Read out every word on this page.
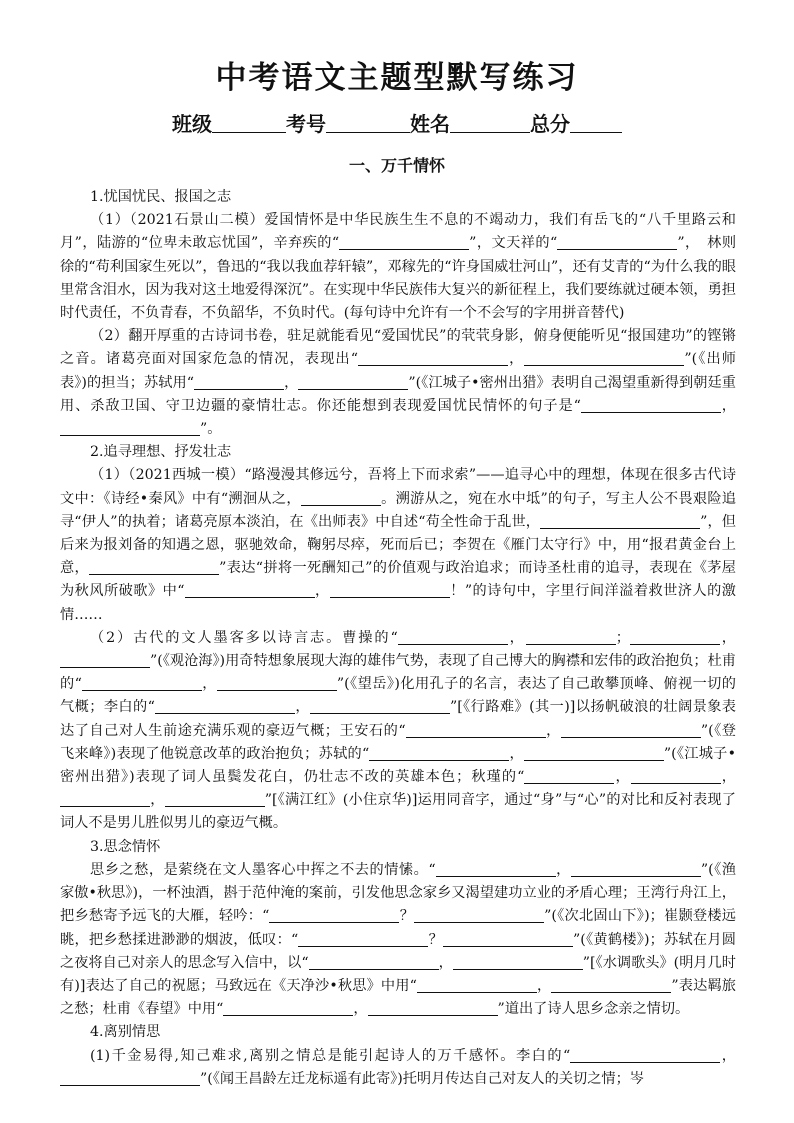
中考语文主题型默写练习
班级	考号	姓名	总分
一、万千情怀

1.忧国忧民、报国之志

（1）（2021石景山二模）爱国情怀是中华民族生生不息的不竭动力，我们有岳飞的“八千里路云和月”，陆游的“位卑未敢忘忧国”，辛弃疾的“	”，文天祥的“	”，　林则徐的“苟利国家生死以”，鲁迅的“我以我血荐轩辕”，邓稼先的“许身国威壮河山”，还有艾青的“为什么我的眼里常含泪水，因为我对这土地爱得深沉”。在实现中华民族伟大复兴的新征程上，我们要练就过硬本领，勇担时代责任，不负青春，不负韶华，不负时代。(每句诗中允许有一个不会写的字用拼音替代)

（2）翻开厚重的古诗词书卷，驻足就能看见“爱国忧民”的茕茕身影，俯身便能听见“报国建功”的铿锵之音。诸葛亮面对国家危急的情况，表现出“	，	”(《出师表》)的担当；苏轼用“	，	”(《江城子•密州出猎》表明自己渴望重新得到朝廷重用、杀敌卫国、守卫边疆的豪情壮志。你还能想到表现爱国忧民情怀的句子是“	，”。

2.追寻理想、抒发壮志

（1）（2021西城一模）“路漫漫其修远兮，吾将上下而求索”——追寻心中的理想，体现在很多古代诗文中：《诗经•秦风》中有“溯洄从之，	。溯游从之，宛在水中坻”的句子，写主人公不畏艰险追寻“伊人”的执着；诸葛亮原本淡泊，在《出师表》中自述“苟全性命于乱世，	”，但后来为报刘备的知遇之恩，驱驰效命，鞠躬尽瘁，死而后已；李贺在《雁门太守行》中，用“报君黄金台上意，	”表达“拼将一死酬知己”的价值观与政治追求；而诗圣杜甫的追寻，表现在《茅屋为秋风所破歌》中“	，	！”的诗句中，字里行间洋溢着救世济人的激情……

（2）古代的文人墨客多以诗言志。曹操的“	，	；	，”(《观沧海》)用奇特想象展现大海的雄伟气势，表现了自己博大的胸襟和宏伟的政治抱负；杜甫的“	，	”(《望岳》)化用孔子的名言，表达了自己敢攀顶峰、俯视一切的气概；李白的“	，	”[《行路难》(其一)]以扬帆破浪的壮阔景象表达了自己对人生前途充满乐观的豪迈气概；王安石的“	，	”(《登飞来峰》)表现了他锐意改革的政治抱负；苏轼的“	，	”(《江城子•密州出猎》)表现了词人虽鬓发花白，仍壮志不改的英雄本色；秋瑾的“	，	，，	”[《满江红》(小住京华)]运用同音字，通过“身”与“心”的对比和反衬表现了词人不是男儿胜似男儿的豪迈气概。

3.思念情怀

思乡之愁，是萦绕在文人墨客心中挥之不去的情愫。“	，	”(《渔家傲•秋思》)，一杯浊酒，斟于范仲淹的案前，引发他思念家乡又渴望建功立业的矛盾心理；王湾行舟江上，把乡愁寄予远飞的大雁，轻吟：“	？	”(《次北固山下》)；崔颢登楼远眺，把乡愁揉进渺渺的烟波，低叹：“	？	”(《黄鹤楼》)；苏轼在月圆之夜将自己对亲人的思念写入信中，以“	，	”[《水调歌头》(明月几时有)]表达了自己的祝愿；马致远在《天净沙•秋思》中用“	，	”表达羁旅之愁；杜甫《春望》中用“	，	”道出了诗人思乡念亲之情切。

4.离别情思

(1)千金易得,知己难求,离别之情总是能引起诗人的万千感怀。李白的“	，”(《闻王昌龄左迁龙标遥有此寄》)托明月传达自己对友人的关切之情；岑
